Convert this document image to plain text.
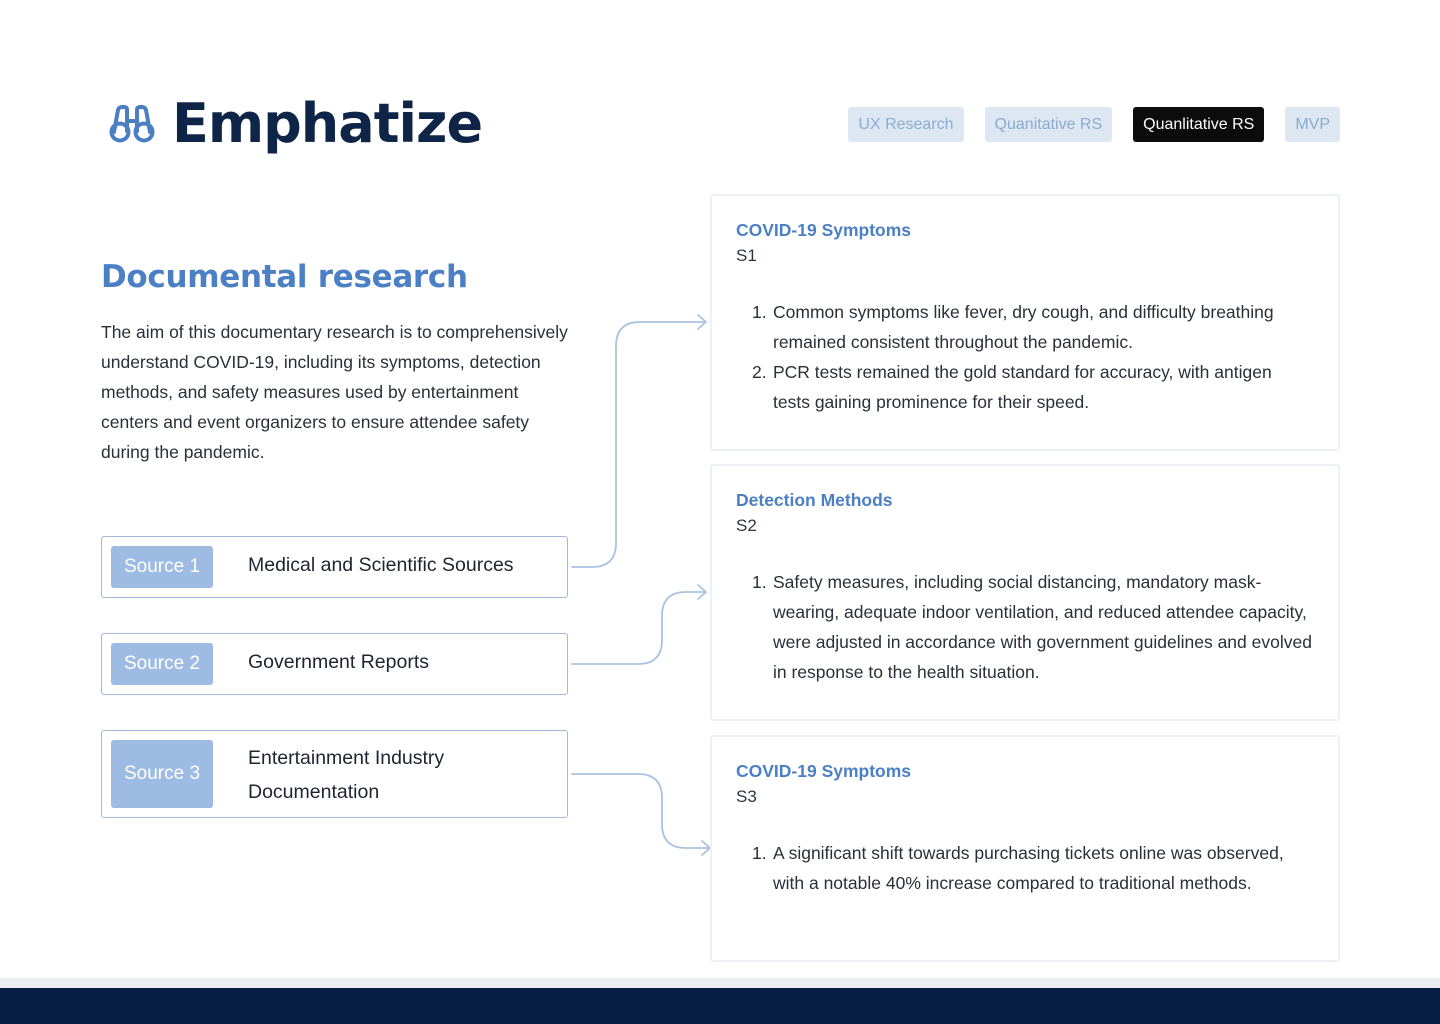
Emphatize	UX Research	Quanitative RS	Quanlitative RS	MVP
Documental research

The aim of this documentary research is to comprehensively understand COVID-19, including its symptoms, detection methods, and safety measures used by entertainment centers and event organizers to ensure attendee safety during the pandemic.

Source 1	Medical and Scientific Sources
Source 2	Government Reports
Source 3
Entertainment Industry Documentation
COVID-19 Symptoms
S1
1. Common symptoms like fever, dry cough, and difficulty breathing remained consistent throughout the pandemic.
2. PCR tests remained the gold standard for accuracy, with antigen tests gaining prominence for their speed.
Detection Methods
S2
1. Safety measures, including social distancing, mandatory mask-wearing, adequate indoor ventilation, and reduced attendee capacity, were adjusted in accordance with government guidelines and evolved in response to the health situation.
COVID-19 Symptoms
S3
1. A significant shift towards purchasing tickets online was observed, with a notable 40% increase compared to traditional methods.
